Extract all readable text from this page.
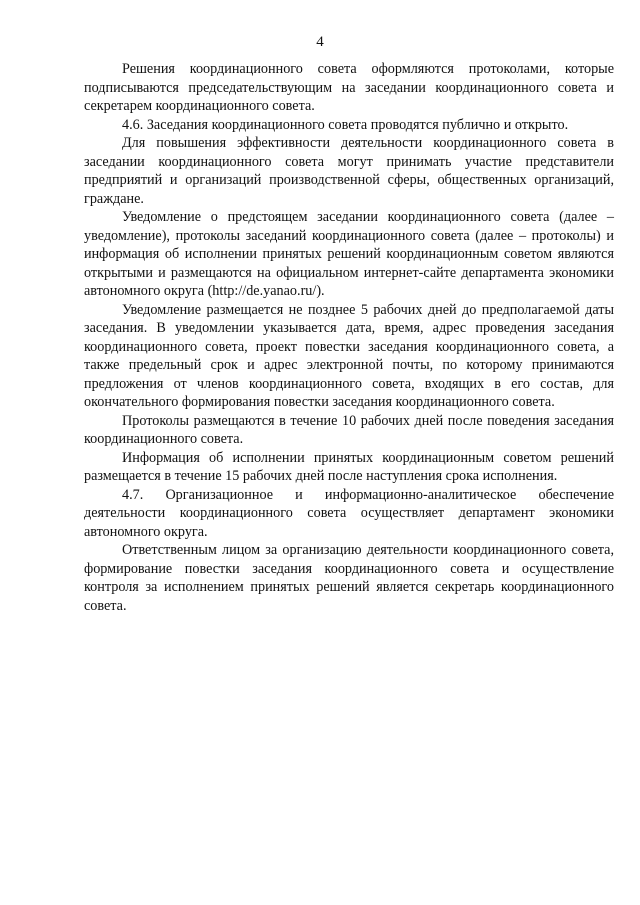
4

Решения координационного совета оформляются протоколами, которые подписываются председательствующим на заседании координационного совета и секретарем координационного совета.

4.6. Заседания координационного совета проводятся публично и открыто.

Для повышения эффективности деятельности координационного совета в заседании координационного совета могут принимать участие представители предприятий и организаций производственной сферы, общественных организаций, граждане.

Уведомление о предстоящем заседании координационного совета (далее – уведомление), протоколы заседаний координационного совета (далее – протоколы) и информация об исполнении принятых решений координационным советом являются открытыми и размещаются на официальном интернет-сайте департамента экономики автономного округа (http://de.yanao.ru/).

Уведомление размещается не позднее 5 рабочих дней до предполагаемой даты заседания. В уведомлении указывается дата, время, адрес проведения заседания координационного совета, проект повестки заседания координационного совета, а также предельный срок и адрес электронной почты, по которому принимаются предложения от членов координационного совета, входящих в его состав, для окончательного формирования повестки заседания координационного совета.

Протоколы размещаются в течение 10 рабочих дней после поведения заседания координационного совета.

Информация об исполнении принятых координационным советом решений размещается в течение 15 рабочих дней после наступления срока исполнения.

4.7. Организационное и информационно-аналитическое обеспечение деятельности координационного совета осуществляет департамент экономики автономного округа.

Ответственным лицом за организацию деятельности координационного совета, формирование повестки заседания координационного совета и осуществление контроля за исполнением принятых решений является секретарь координационного совета.
